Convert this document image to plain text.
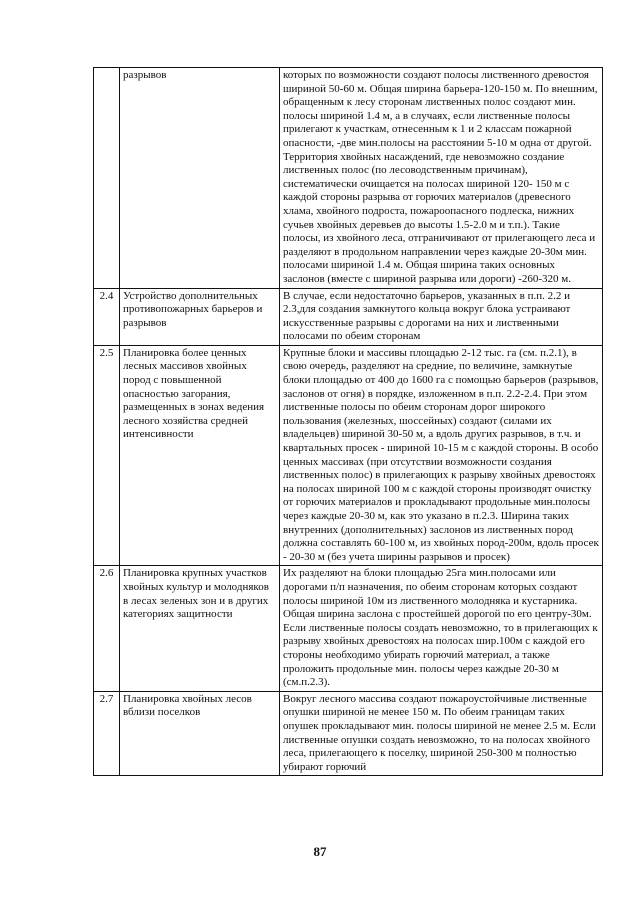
	разрывов	которых по возможности создают полосы лиственного древостоя шириной 50-60 м. Общая ширина барьера-120-150 м. По внешним, обращенным к лесу сторонам лиственных полос создают мин. полосы шириной 1.4 м, а в случаях, если лиственные полосы прилегают к участкам, отнесенным к 1 и 2 классам пожарной опасности, -две мин.полосы на расстоянии 5-10 м одна от другой. Территория хвойных насаждений, где невозможно создание лиственных полос (по лесоводственным причинам), систематически очищается на полосах шириной 120- 150 м с каждой стороны разрыва от горючих материалов (древесного хлама, хвойного подроста, пожароопасного подлеска, нижних сучьев хвойных деревьев до высоты 1.5-2.0 м и т.п.). Такие полосы, из хвойного леса, отграничивают от прилегающего леса и разделяют в продольном направлении через каждые 20-30м мин. полосами шириной 1.4 м. Общая ширина таких основных заслонов (вместе с шириной разрыва или дороги) -260-320 м.
2.4	Устройство дополнительных противопожарных барьеров и разрывов	В случае, если недостаточно барьеров, указанных в п.п. 2.2 и 2.3,для создания замкнутого кольца вокруг блока устраивают искусственные разрывы с дорогами на них и лиственными полосами по обеим сторонам
2.5	Планировка более ценных лесных массивов хвойных пород с повышенной опасностью загорания, размещенных в зонах ведения лесного хозяйства средней интенсивности	Крупные блоки и массивы площадью 2-12 тыс. га (см. п.2.1), в свою очередь, разделяют на средние, по величине, замкнутые блоки площадью от 400 до 1600 га с помощью барьеров (разрывов, заслонов от огня) в порядке, изложенном в п.п. 2.2-2.4. При этом лиственные полосы по обеим сторонам дорог широкого пользования (железных, шоссейных) создают (силами их владельцев) шириной 30-50 м, а вдоль других разрывов, в т.ч. и квартальных просек - шириной 10-15 м с каждой стороны. В особо ценных массивах (при отсутствии возможности создания лиственных полос) в прилегающих к разрыву хвойных древостоях на полосах шириной 100 м с каждой стороны производят очистку от горючих материалов и прокладывают продольные мин.полосы через каждые 20-30 м, как это указано в п.2.3. Ширина таких внутренних (дополнительных) заслонов из лиственных пород должна составлять 60-100 м, из хвойных пород-200м, вдоль просек - 20-30 м (без учета ширины разрывов и просек)
2.6	Планировка крупных участков хвойных культур и молодняков в лесах зеленых зон и в других категориях защитности	Их разделяют на блоки площадью 25га мин.полосами или дорогами п/п назначения, по обеим сторонам которых создают полосы шириной 10м из лиственного молодняка и кустарника. Общая ширина заслона с простейшей дорогой по его центру-30м. Если лиственные полосы создать невозможно, то в прилегающих к разрыву хвойных древостоях на полосах шир.100м с каждой его стороны необходимо убирать горючий материал, а также проложить продольные мин. полосы через каждые 20-30 м (см.п.2.3).
2.7	Планировка хвойных лесов вблизи поселков	Вокруг лесного массива создают пожароустойчивые лиственные опушки шириной не менее 150 м. По обеим границам таких опушек прокладывают мин. полосы шириной не менее 2.5 м. Если лиственные опушки создать невозможно, то на полосах хвойного леса, прилегающего к поселку, шириной 250-300 м полностью убирают горючий
87
